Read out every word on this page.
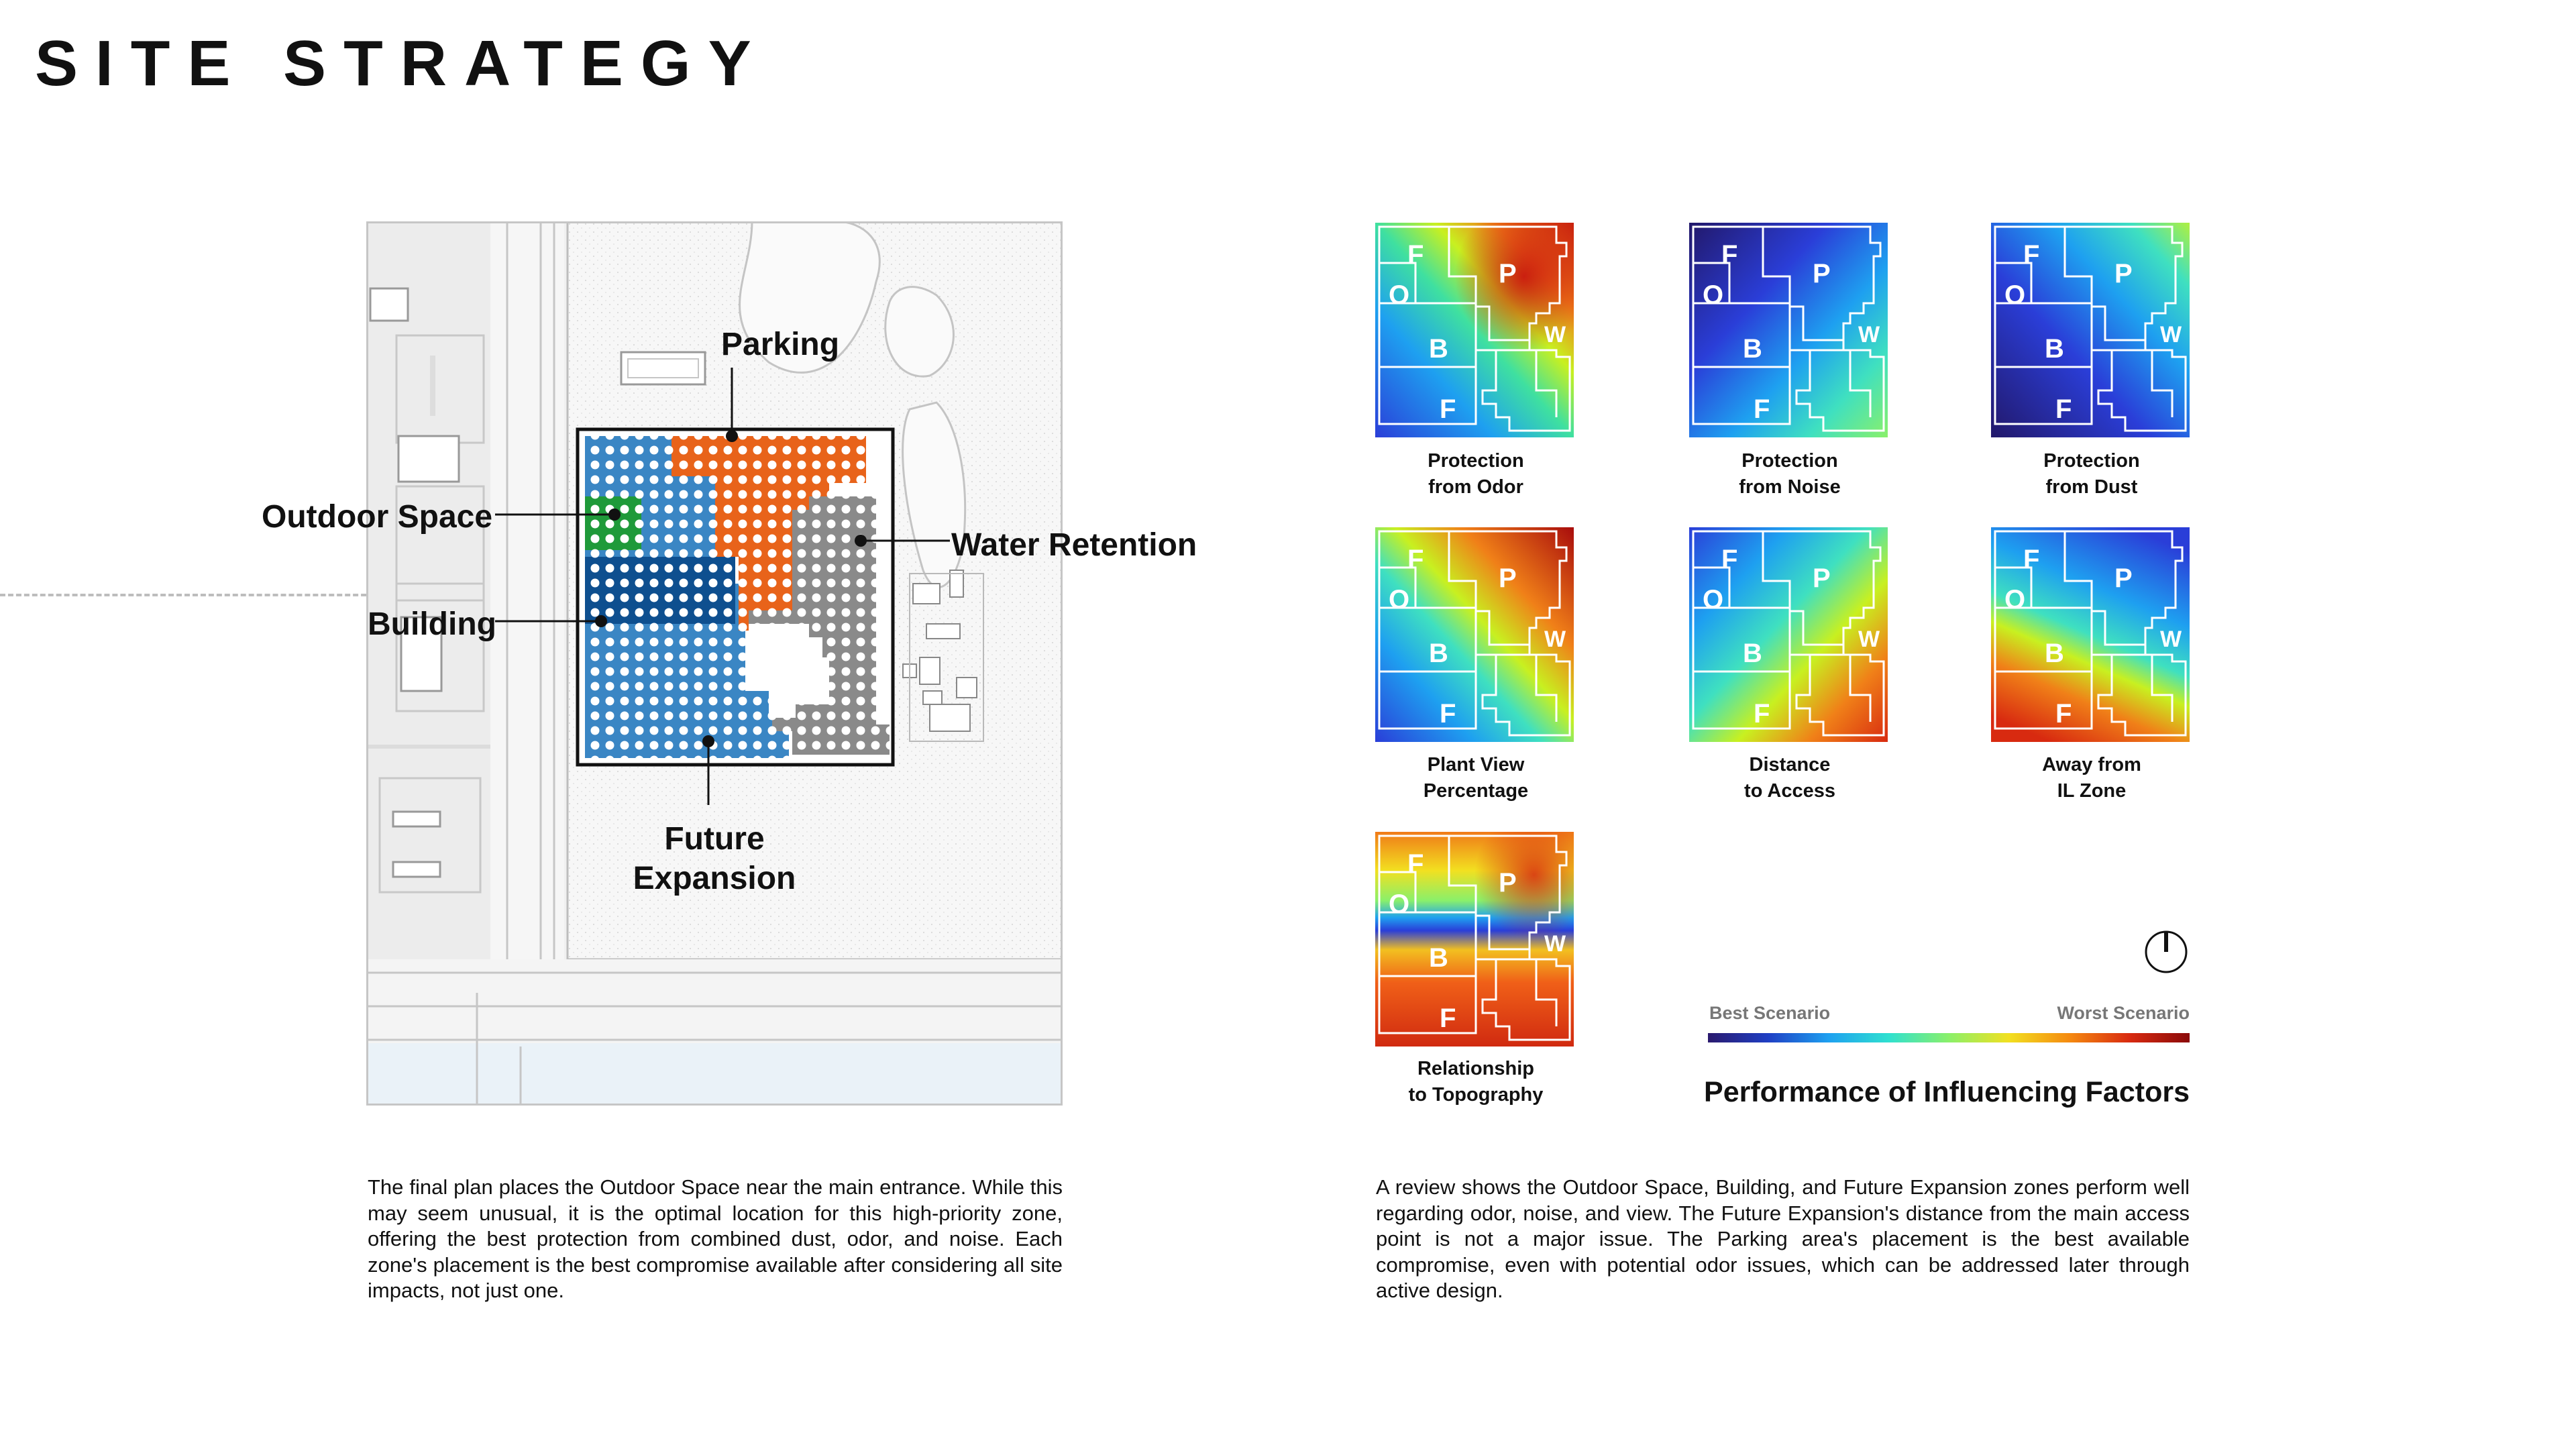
SITE STRATEGY
Parking
Outdoor Space
Water Retention
Building
Future
Expansion
The final plan places the Outdoor Space near the main entrance. While this may seem unusual, it is the optimal location for this high-priority zone, offering the best protection from combined dust, odor, and noise. Each zone's placement is the best compromise available after considering all site impacts, not just one.
A review shows the Outdoor Space, Building, and Future Expansion zones perform well regarding odor, noise, and view. The Future Expansion's distance from the main access point is not a major issue. The Parking area's placement is the best available compromise, even with potential odor issues, which can be addressed later through active design.
F
O
P
B	W
F
F
O
P
B	W
F
F
O
P
B	W
F
F
O
P
B	W
F
F
O
P
B	W
F
F
O
P
B	W
F
F
O
P
B	W
F
Protection
from Odor
Protection
from Noise
Protection
from Dust
Plant View
Percentage
Distance
to Access
Away from
IL Zone
Relationship
to Topography
Best Scenario	Worst Scenario
Performance of Influencing Factors
